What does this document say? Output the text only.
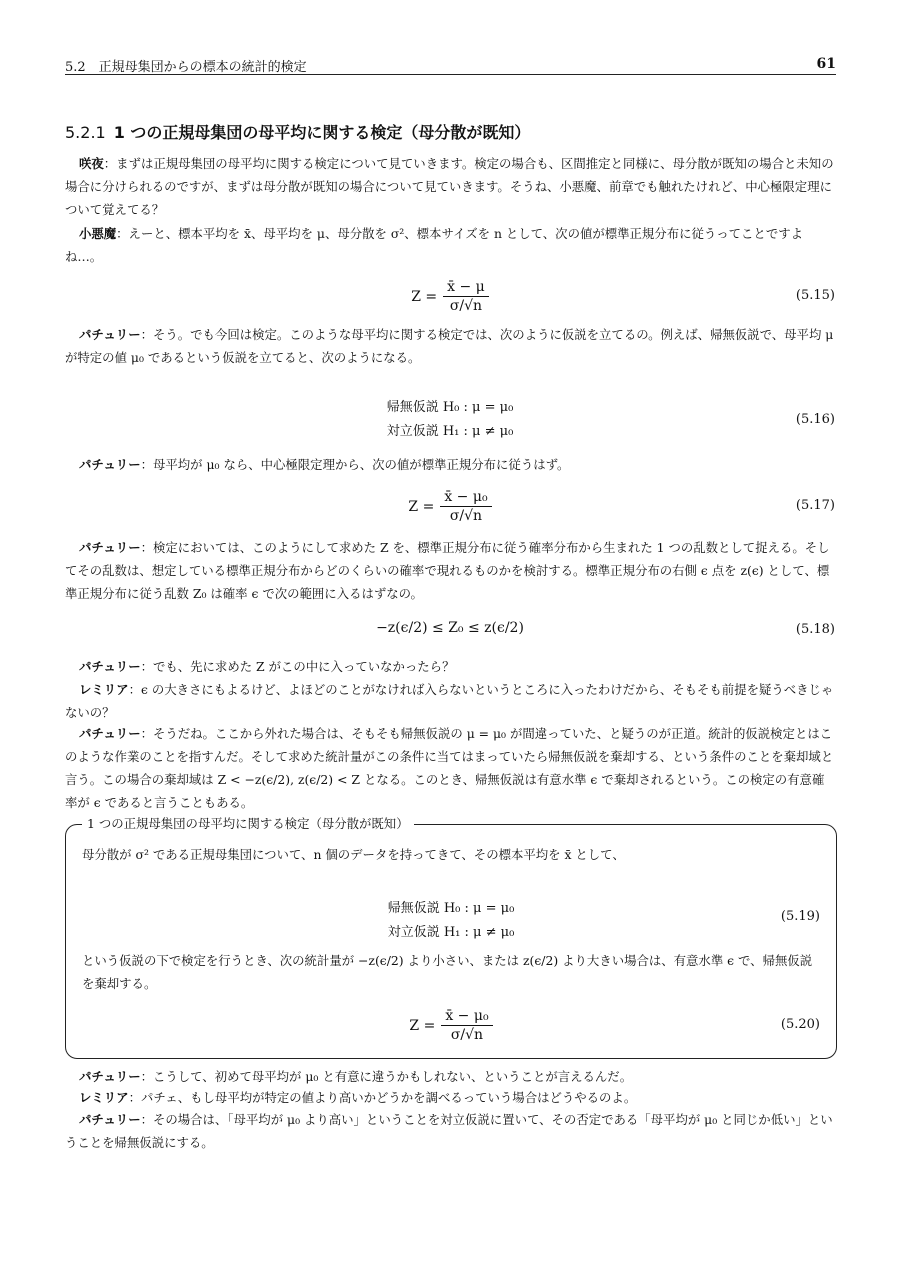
5.2　正規母集団からの標本の統計的検定	61
5.2.1 1 つの正規母集団の母平均に関する検定（母分散が既知）
咲夜：まずは正規母集団の母平均に関する検定について見ていきます。検定の場合も、区間推定と同様に、母分散が既知の場合と未知の場合に分けられるのですが、まずは母分散が既知の場合について見ていきます。そうね、小悪魔、前章でも触れたけれど、中心極限定理について覚えてる？
小悪魔：えーと、標本平均を x̄、母平均を μ、母分散を σ²、標本サイズを n として、次の値が標準正規分布に従うってことですよね…。
$Z = \frac{x̄ - \mu}{\sigma/√n}$	(5.15)
パチュリー：そう。でも今回は検定。このような母平均に関する検定では、次のように仮説を立てるの。例えば、帰無仮説で、母平均 μ が特定の値 μ₀ であるという仮説を立てると、次のようになる。
帰無仮説 H₀ : μ = μ₀
対立仮説 H₁ : μ ≠ μ₀
(5.16)
パチュリー：母平均が μ₀ なら、中心極限定理から、次の値が標準正規分布に従うはず。
$Z = \frac{\text{x̄ − μ₀}}{\sigma/√n}$	(5.17)
パチュリー：検定においては、このようにして求めた Z を、標準正規分布に従う確率分布から生まれた 1 つの乱数として捉える。そしてその乱数は、想定している標準正規分布からどのくらいの確率で現れるものかを検討する。標準正規分布の右側 ϵ 点を z(ϵ) として、標準正規分布に従う乱数 Z₀ は確率 ϵ で次の範囲に入るはずなの。
−z(ϵ/2) ≤ Z₀ ≤ z(ϵ/2)	(5.18)
パチュリー：でも、先に求めた Z がこの中に入っていなかったら？
レミリア：ϵ の大きさにもよるけど、よほどのことがなければ入らないというところに入ったわけだから、そもそも前提を疑うべきじゃないの？
パチュリー：そうだね。ここから外れた場合は、そもそも帰無仮説の μ = μ₀ が間違っていた、と疑うのが正道。統計的仮説検定とはこのような作業のことを指すんだ。そして求めた統計量がこの条件に当てはまっていたら帰無仮説を棄却する、という条件のことを棄却域と言う。この場合の棄却域は Z < −z(ϵ/2), z(ϵ/2) < Z となる。このとき、帰無仮説は有意水準 ϵ で棄却されるという。この検定の有意確率が ϵ であると言うこともある。
1 つの正規母集団の母平均に関する検定（母分散が既知）
母分散が σ² である正規母集団について、n 個のデータを持ってきて、その標本平均を x̄ として、
帰無仮説 H₀ : μ = μ₀
対立仮説 H₁ : μ ≠ μ₀
(5.19)
という仮説の下で検定を行うとき、次の統計量が −z(ϵ/2) より小さい、または z(ϵ/2) より大きい場合は、有意水準 ϵ で、帰無仮説を棄却する。
$Z = \frac{\text{x̄ − μ₀}}{\sigma/√n}$	(5.20)
パチュリー：こうして、初めて母平均が μ₀ と有意に違うかもしれない、ということが言えるんだ。
レミリア：パチェ、もし母平均が特定の値より高いかどうかを調べるっていう場合はどうやるのよ。
パチュリー：その場合は、「母平均が μ₀ より高い」ということを対立仮説に置いて、その否定である「母平均が μ₀ と同じか低い」ということを帰無仮説にする。
